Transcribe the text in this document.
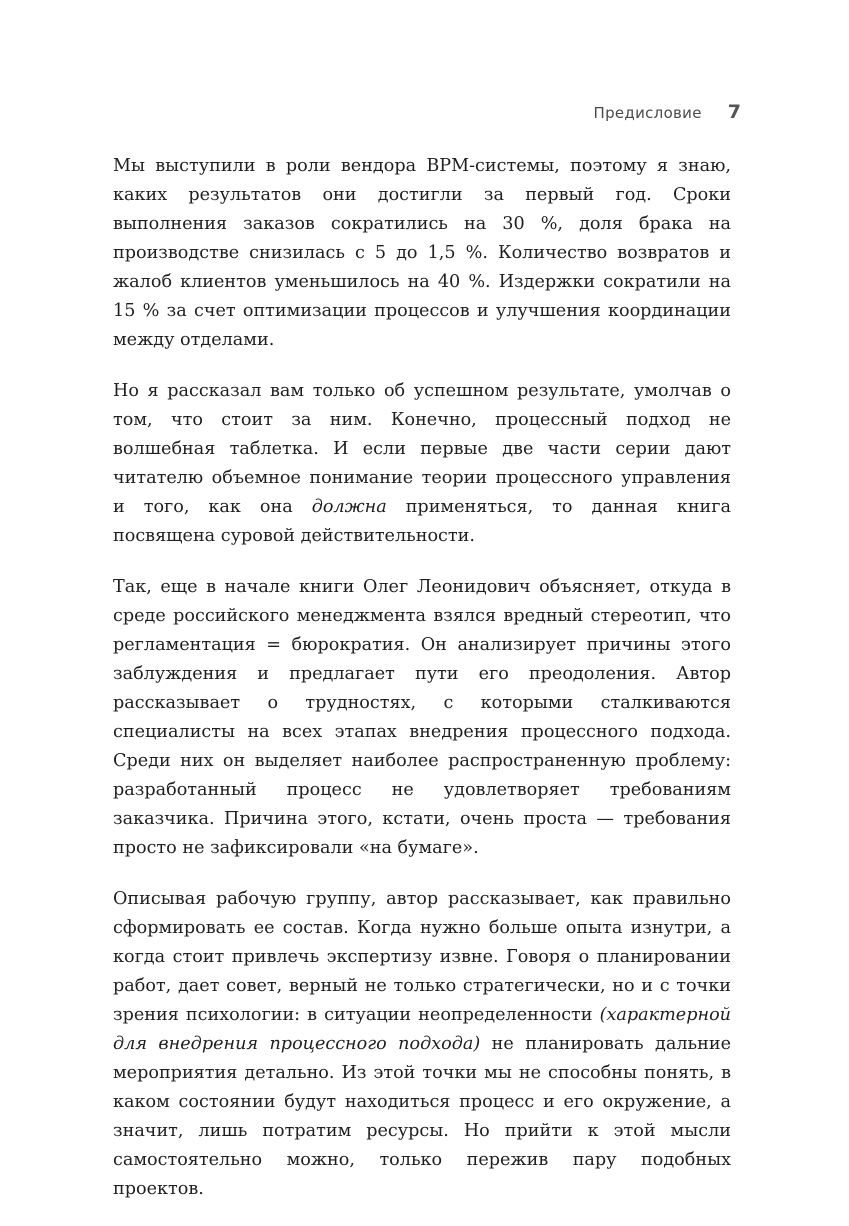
Предисловие 7

Мы выступили в роли вендора BPM-системы, поэтому я знаю, каких результатов они достигли за первый год. Сроки выполнения заказов сократились на 30 %, доля брака на производстве снизилась с 5 до 1,5 %. Количество возвратов и жалоб клиентов уменьшилось на 40 %. Издержки сократили на 15 % за счет оптимизации процессов и улучшения координации между отделами.

Но я рассказал вам только об успешном результате, умолчав о том, что стоит за ним. Конечно, процессный подход не волшебная таблетка. И если первые две части серии дают читателю объемное понимание теории процессного управления и того, как она должна применяться, то данная книга посвящена суровой действительности.

Так, еще в начале книги Олег Леонидович объясняет, откуда в среде российского менеджмента взялся вредный стереотип, что регламентация = бюрократия. Он анализирует причины этого заблуждения и предлагает пути его преодоления. Автор рассказывает о трудностях, с которыми сталкиваются специалисты на всех этапах внедрения процессного подхода. Среди них он выделяет наиболее распространенную проблему: разработанный процесс не удовлетворяет требованиям заказчика. Причина этого, кстати, очень проста — требования просто не зафиксировали «на бумаге».

Описывая рабочую группу, автор рассказывает, как правильно сформировать ее состав. Когда нужно больше опыта изнутри, а когда стоит привлечь экспертизу извне. Говоря о планировании работ, дает совет, верный не только стратегически, но и с точки зрения психологии: в ситуации неопределенности (характерной для внедрения процессного подхода) не планировать дальние мероприятия детально. Из этой точки мы не способны понять, в каком состоянии будут находиться процесс и его окружение, а значит, лишь потратим ресурсы. Но прийти к этой мысли самостоятельно можно, только пережив пару подобных проектов.
